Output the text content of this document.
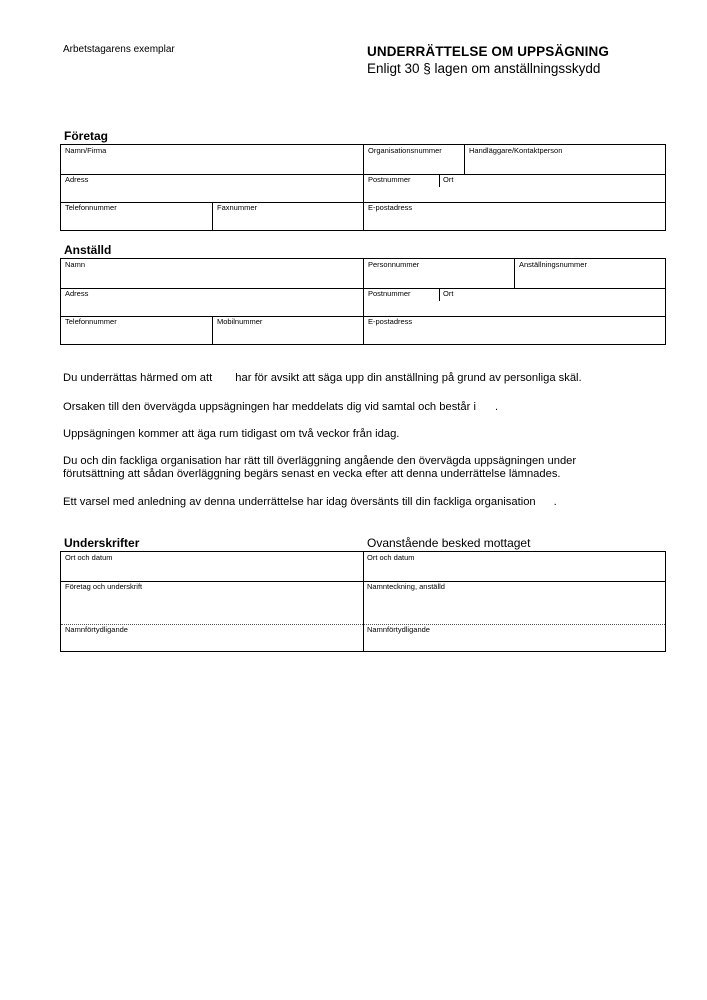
Arbetstagarens exemplar	UNDERRÄTTELSE OM UPPSÄGNING
Enligt 30 § lagen om anställningsskydd
Företag
Namn/Firma	Organisationsnummer	Handläggare/Kontaktperson
Adress	Postnummer	Ort
Telefonnummer	Faxnummer	E-postadress
Anställd
Namn	Personnummer	Anställningsnummer
Adress	Postnummer	Ort
Telefonnummer	Mobilnummer	E-postadress
Du underrättas härmed om att har för avsikt att säga upp din anställning på grund av personliga skäl.
Orsaken till den övervägda uppsägningen har meddelats dig vid samtal och består i .
Uppsägningen kommer att äga rum tidigast om två veckor från idag.
Du och din fackliga organisation har rätt till överläggning angående den övervägda uppsägningen under
förutsättning att sådan överläggning begärs senast en vecka efter att denna underrättelse lämnades.
Ett varsel med anledning av denna underrättelse har idag översänts till din fackliga organisation .
Underskrifter	Ovanstående besked mottaget
Ort och datum	Ort och datum
Företag och underskrift	Namnteckning, anställd
Namnförtydligande	Namnförtydligande
